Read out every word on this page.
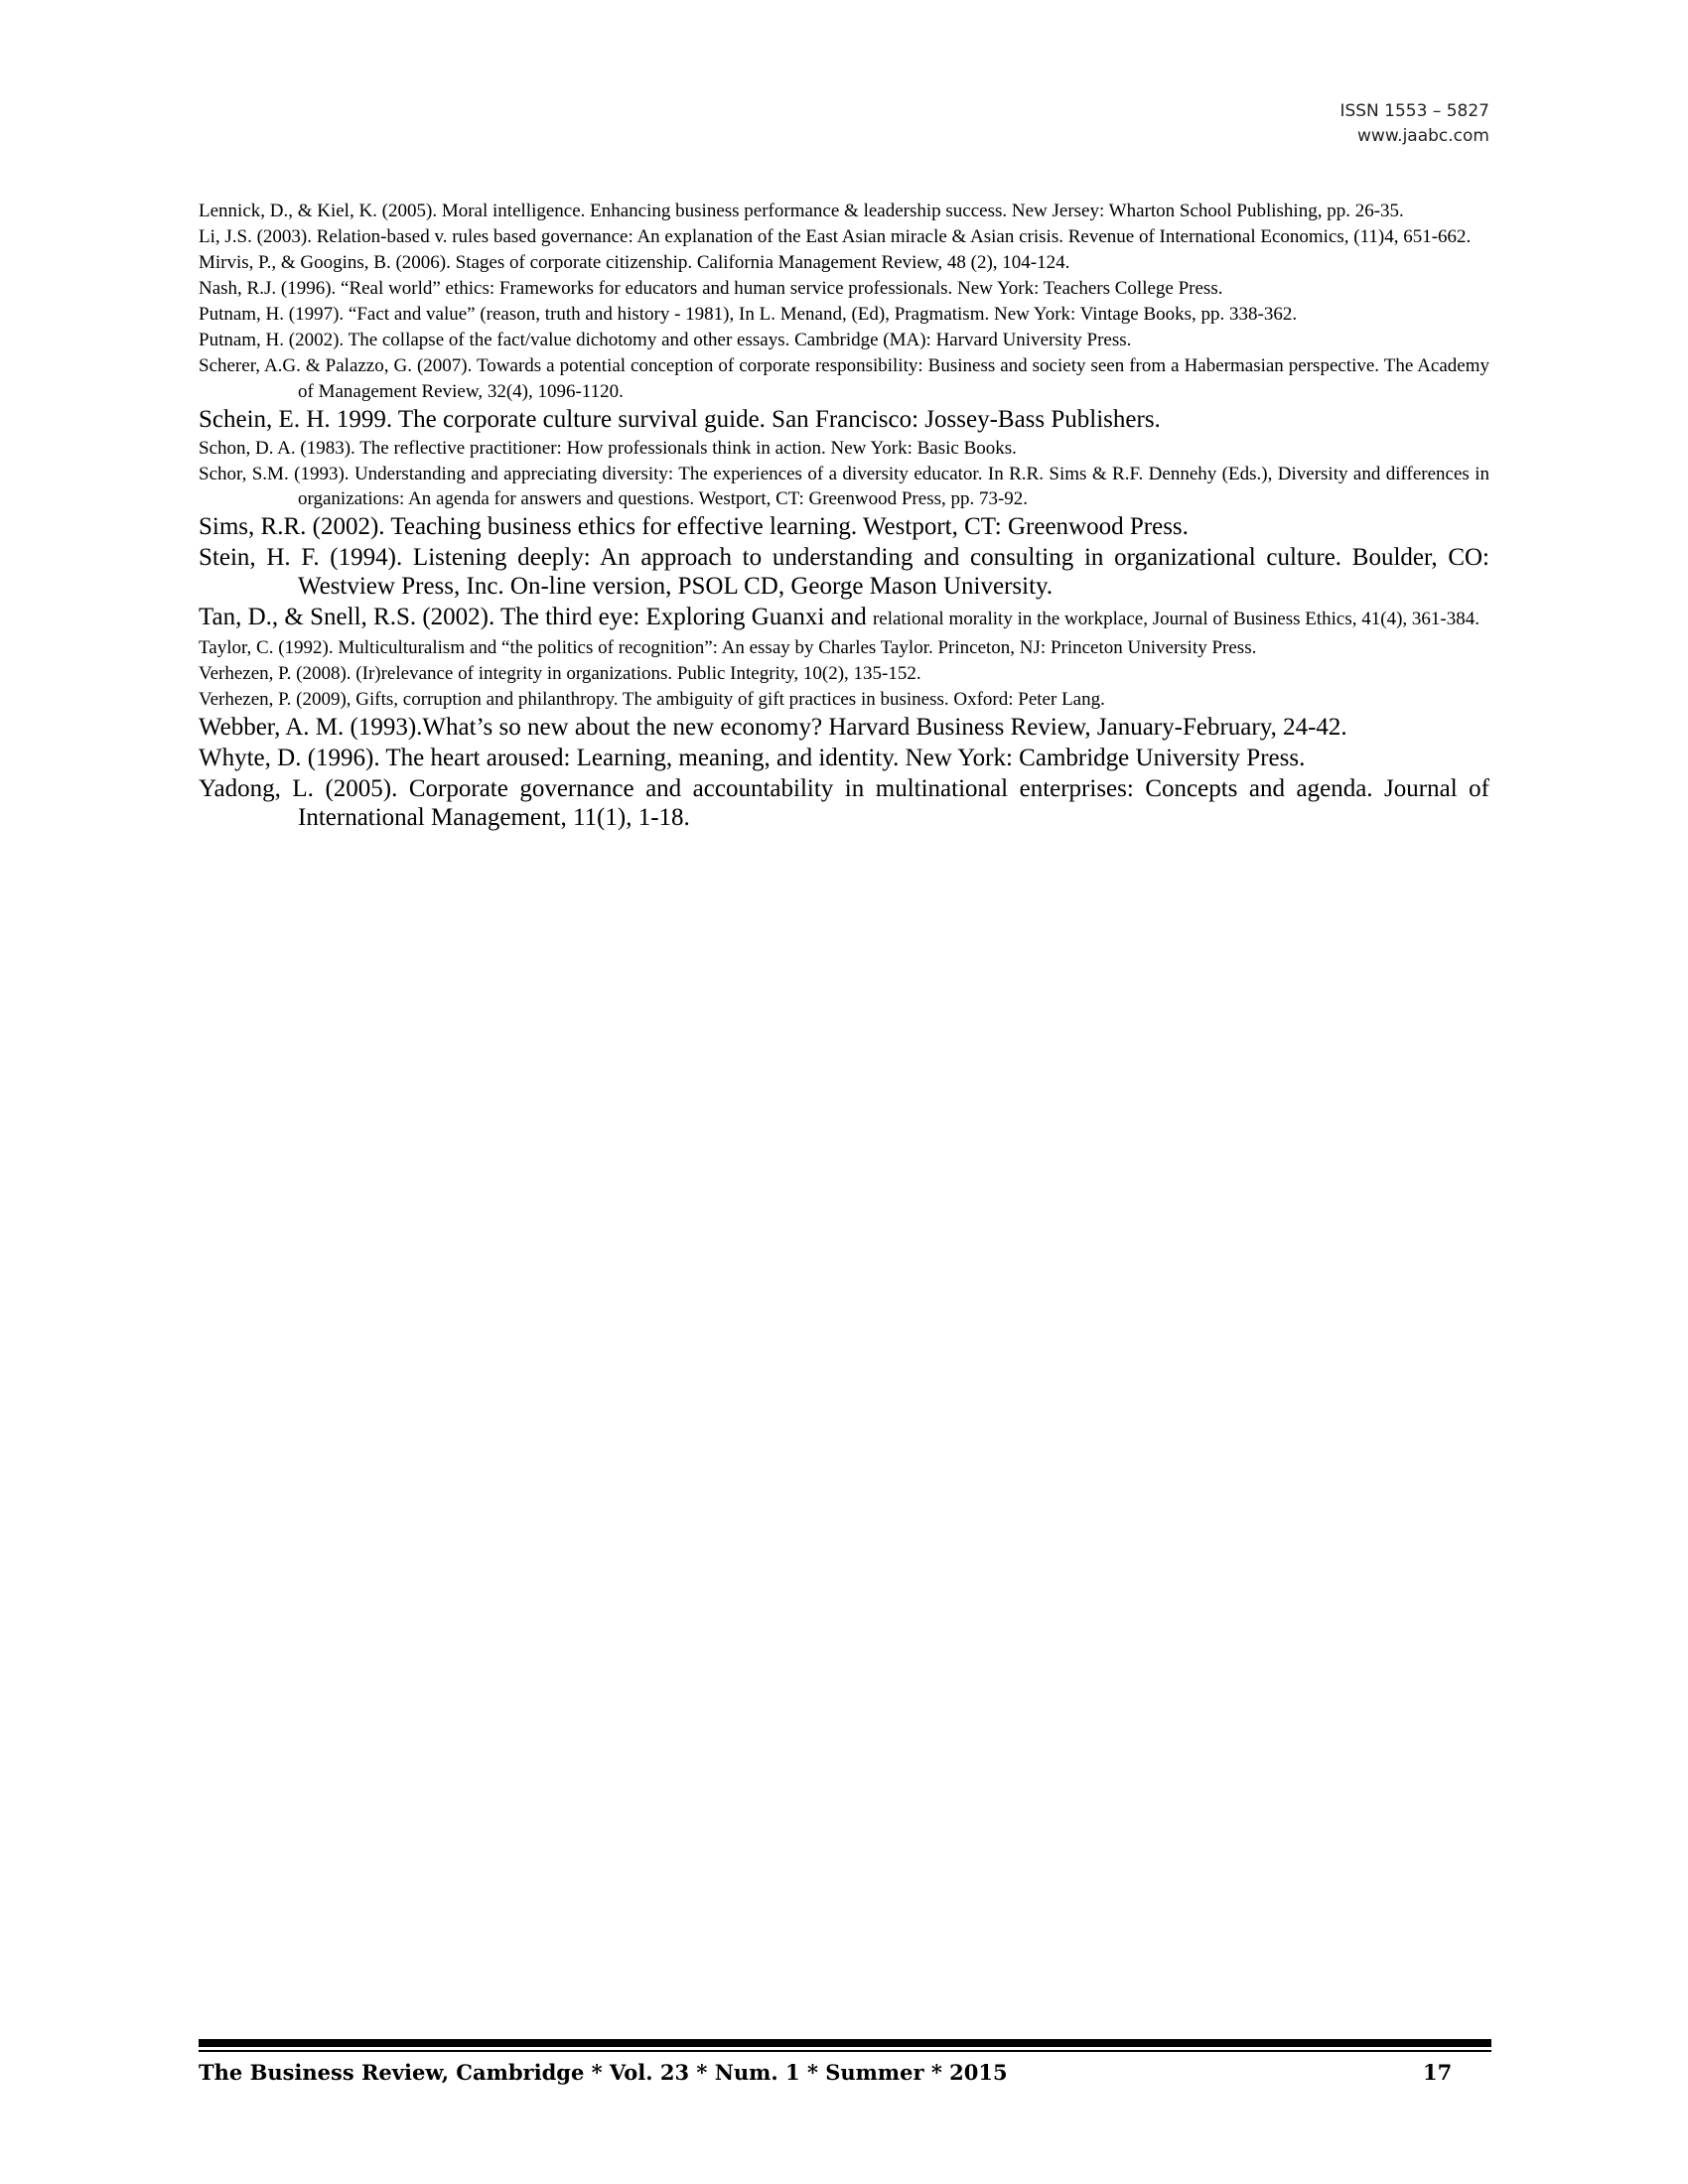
ISSN 1553 – 5827
www.jaabc.com

Lennick, D., & Kiel, K. (2005). Moral intelligence. Enhancing business performance & leadership success. New Jersey: Wharton School Publishing, pp. 26-35.

Li, J.S. (2003). Relation-based v. rules based governance: An explanation of the East Asian miracle & Asian crisis. Revenue of International Economics, (11)4, 651-662.

Mirvis, P., & Googins, B. (2006). Stages of corporate citizenship. California Management Review, 48 (2), 104-124.

Nash, R.J. (1996). “Real world” ethics: Frameworks for educators and human service professionals. New York: Teachers College Press.

Putnam, H. (1997). “Fact and value” (reason, truth and history - 1981), In L. Menand, (Ed), Pragmatism. New York: Vintage Books, pp. 338-362.

Putnam, H. (2002). The collapse of the fact/value dichotomy and other essays. Cambridge (MA): Harvard University Press.

Scherer, A.G. & Palazzo, G. (2007). Towards a potential conception of corporate responsibility: Business and society seen from a Habermasian perspective. The Academy of Management Review, 32(4), 1096-1120.

Schein, E. H. 1999. The corporate culture survival guide. San Francisco: Jossey-Bass Publishers.

Schon, D. A. (1983). The reflective practitioner: How professionals think in action. New York: Basic Books.

Schor, S.M. (1993). Understanding and appreciating diversity: The experiences of a diversity educator. In R.R. Sims & R.F. Dennehy (Eds.), Diversity and differences in organizations: An agenda for answers and questions. Westport, CT: Greenwood Press, pp. 73-92.

Sims, R.R. (2002). Teaching business ethics for effective learning. Westport, CT: Greenwood Press.

Stein, H. F. (1994). Listening deeply: An approach to understanding and consulting in organizational culture. Boulder, CO: Westview Press, Inc. On-line version, PSOL CD, George Mason University.

Tan, D., & Snell, R.S. (2002). The third eye: Exploring Guanxi and relational morality in the workplace, Journal of Business Ethics, 41(4), 361-384.

Taylor, C. (1992). Multiculturalism and “the politics of recognition”: An essay by Charles Taylor. Princeton, NJ: Princeton University Press.

Verhezen, P. (2008). (Ir)relevance of integrity in organizations. Public Integrity, 10(2), 135-152.

Verhezen, P. (2009), Gifts, corruption and philanthropy. The ambiguity of gift practices in business. Oxford: Peter Lang.

Webber, A. M. (1993).What’s so new about the new economy? Harvard Business Review, January-February, 24-42.

Whyte, D. (1996). The heart aroused: Learning, meaning, and identity. New York: Cambridge University Press.

Yadong, L. (2005). Corporate governance and accountability in multinational enterprises: Concepts and agenda. Journal of International Management, 11(1), 1-18.

The Business Review, Cambridge * Vol. 23 * Num. 1 * Summer * 2015	17
